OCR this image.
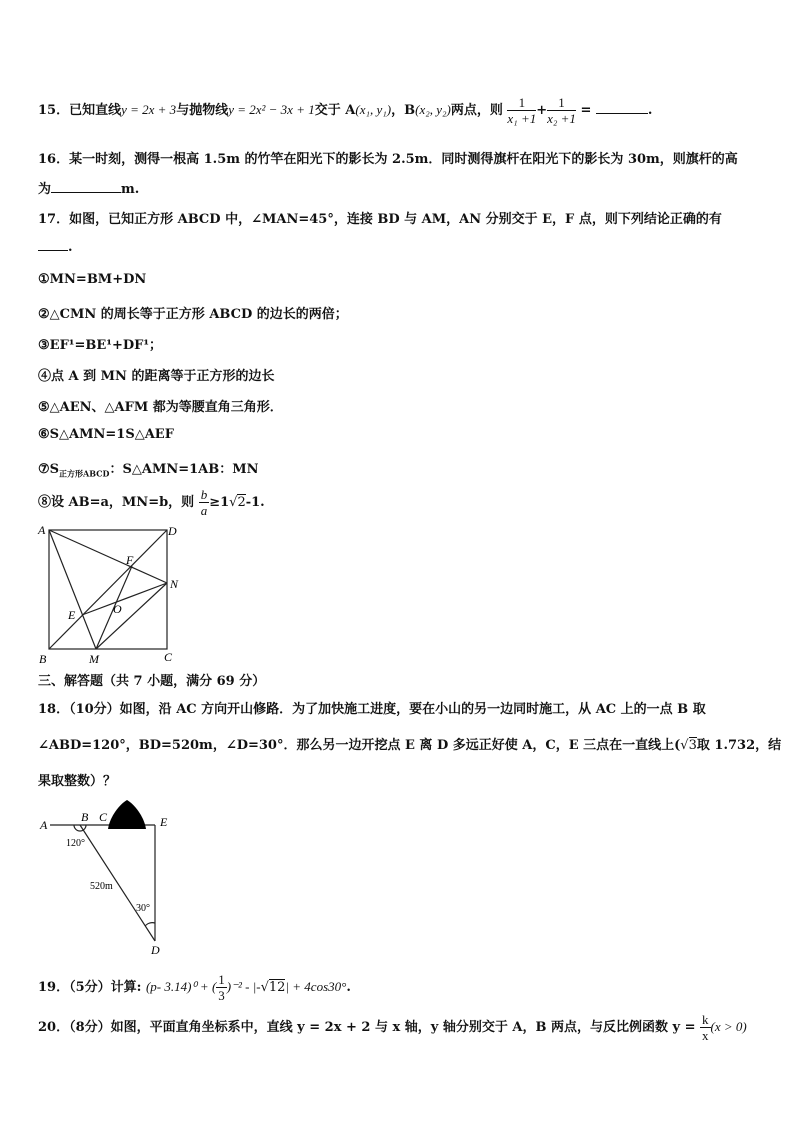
15．已知直线y = 2x + 3与抛物线y = 2x² − 3x + 1交于 A(x₁, y₁)，B(x₂, y₂)两点，则 $\frac{1}{\text{x₁ +1}} + \frac{1}{\text{x₂ +1}}$ =	.
16．某一时刻，测得一根高 1.5m 的竹竿在阳光下的影长为 2.5m．同时测得旗杆在阳光下的影长为 30m，则旗杆的高
为	m.
17．如图，已知正方形 ABCD 中，∠MAN=45°，连接 BD 与 AM，AN 分别交于 E，F 点，则下列结论正确的有
.
①MN=BM+DN
②△CMN 的周长等于正方形 ABCD 的边长的两倍；
③EF¹=BE¹+DF¹；
④点 A 到 MN 的距离等于正方形的边长
⑤△AEN、△AFM 都为等腰直角三角形．
⑥S△AMN=1S△AEF
$⑦S_{正方形ABCD}$：S△AMN=1AB：MN
⑧设 AB=a，MN=b，则 $\frac{b}{a} \ge 1√2-1$.
A	D
B	C
M
N
F
E	O
三、解答题（共 7 小题，满分 69 分）
18．（10分）如图，沿 AC 方向开山修路．为了加快施工进度，要在小山的另一边同时施工，从 AC 上的一点 B 取
∠ABD=120°，BD=520m，∠D=30°．那么另一边开挖点 E 离 D 多远正好使 A，C，E 三点在一直线上(√3取 1.732，结
果取整数）？
A
B C	E
D
120°
520m
30°
19．（5分）计算: (p- 3.14)⁰ + ( $\frac{1}{3} )^{-2} - |-√12| + 4\cos 30^\circ$.
20．（8分）如图，平面直角坐标系中，直线 y = 2x + 2 与 x 轴，y 轴分别交于 A，B 两点，与反比例函数 $y = \frac{k}{x} (x > 0)$
